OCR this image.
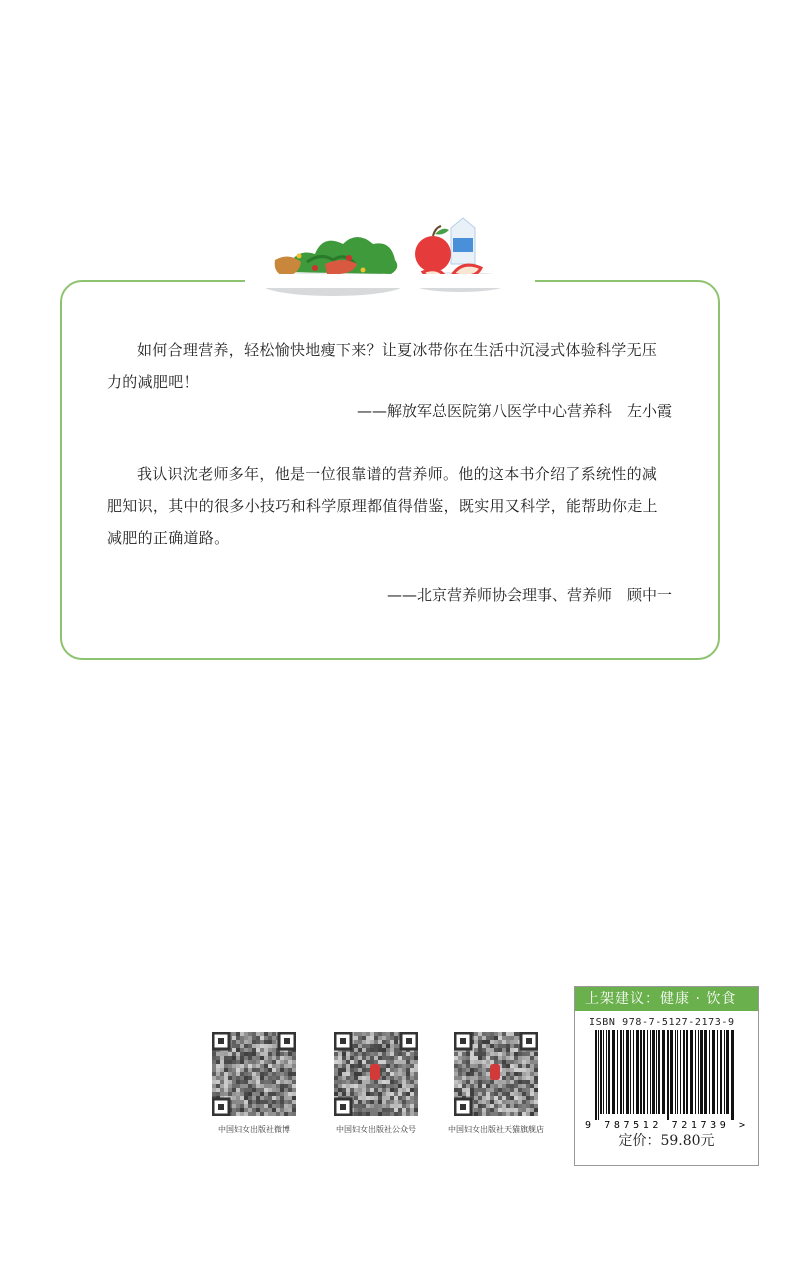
如何合理营养，轻松愉快地瘦下来？让夏冰带你在生活中沉浸式体验科学无压力的减肥吧！

——解放军总医院第八医学中心营养科　左小霞

我认识沈老师多年，他是一位很靠谱的营养师。他的这本书介绍了系统性的减肥知识，其中的很多小技巧和科学原理都值得借鉴，既实用又科学，能帮助你走上减肥的正确道路。

——北京营养师协会理事、营养师　顾中一
中国妇女出版社微博	中国妇女出版社公众号	中国妇女出版社天猫旗舰店
上架建议：健康 · 饮食
ISBN 978-7-5127-2173-9
9 787512 721739 >
定价：59.80元
